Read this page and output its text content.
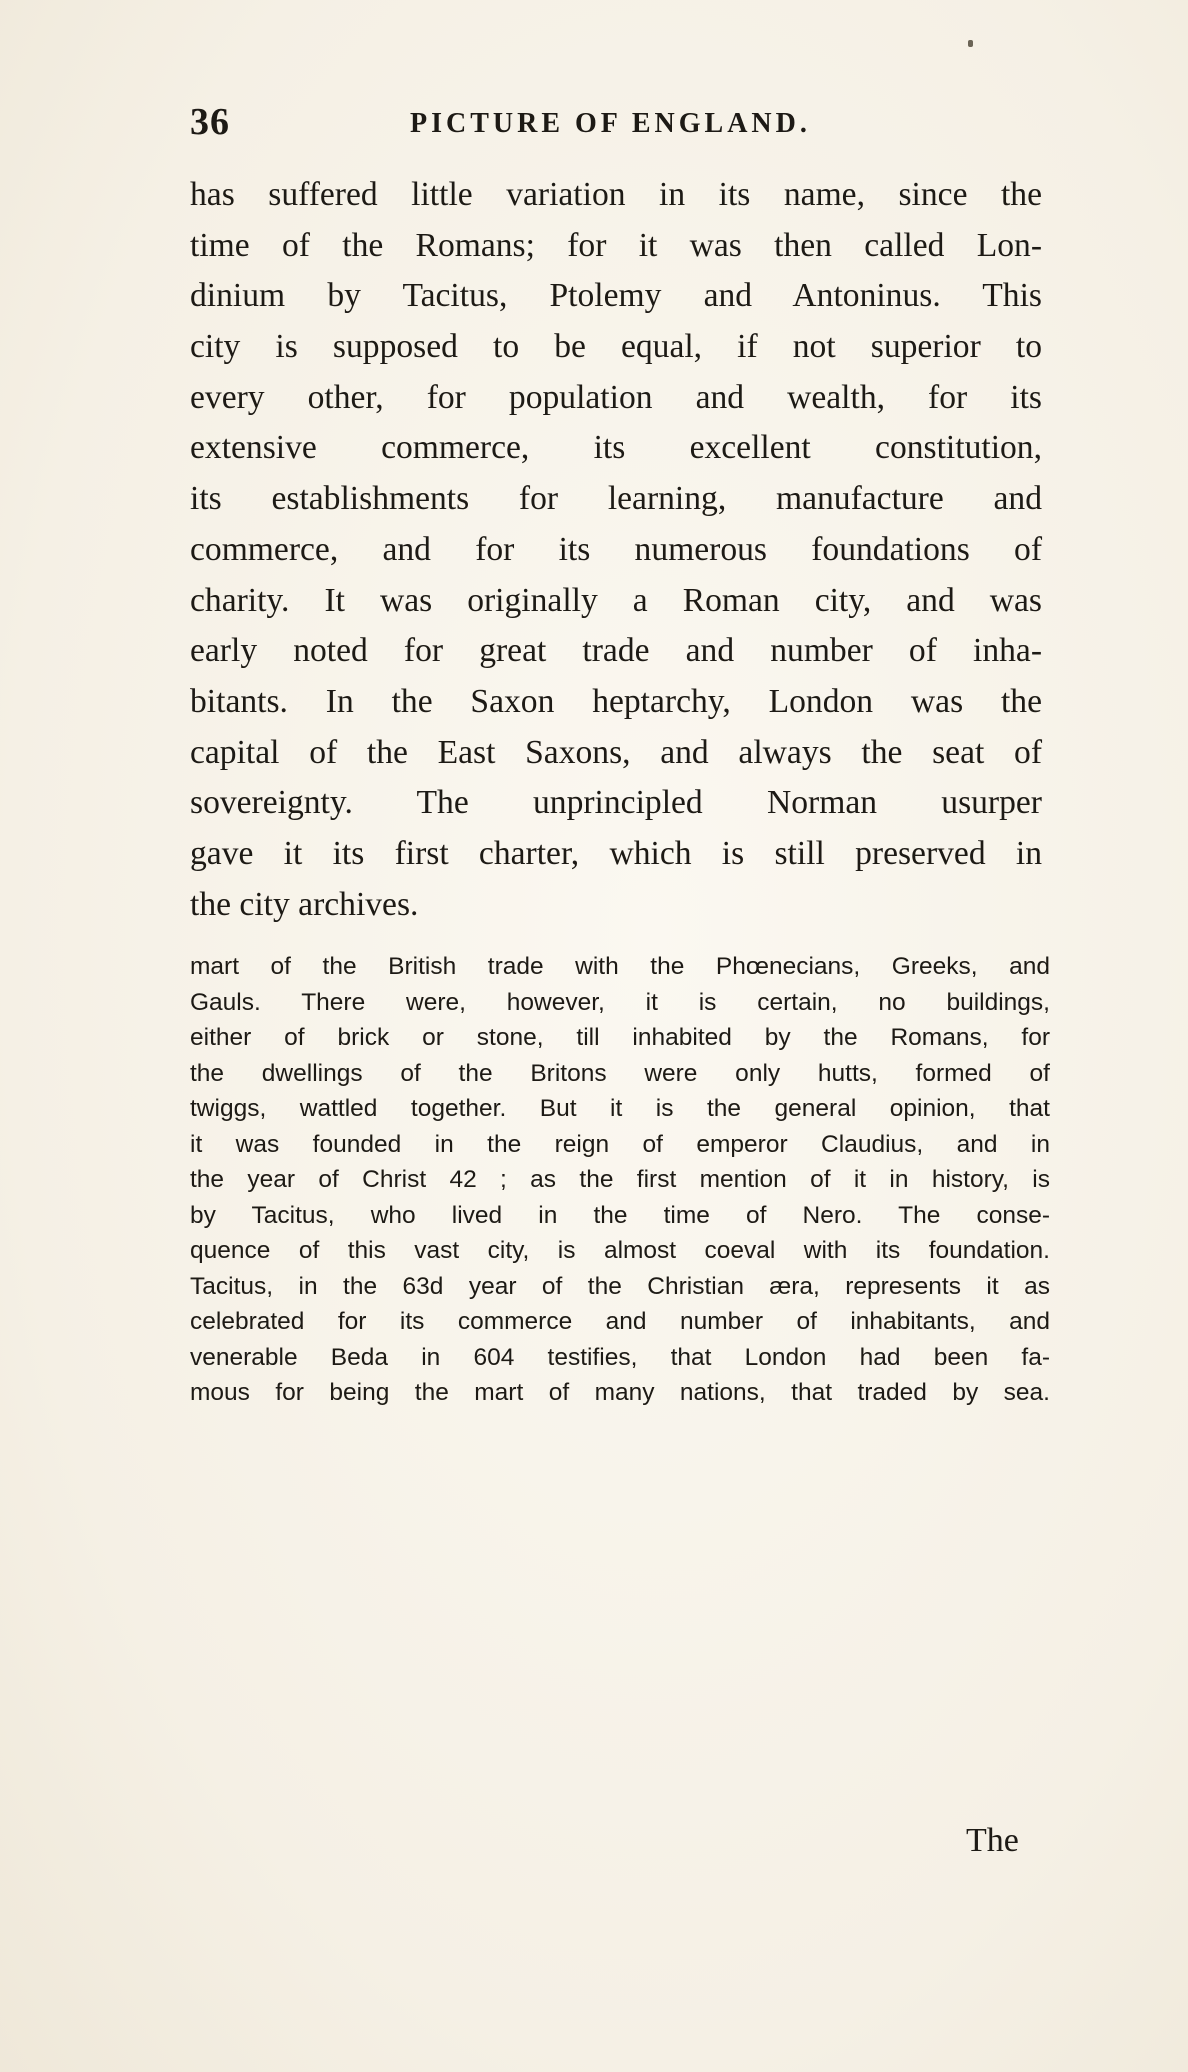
36	PICTURE OF ENGLAND.
has suffered little variation in its name, since the
time of the Romans; for it was then called Lon-
dinium by Tacitus, Ptolemy and Antoninus. This
city is supposed to be equal, if not superior to
every other, for population and wealth, for its
extensive commerce, its excellent constitution,
its establishments for learning, manufacture and
commerce, and for its numerous foundations of
charity. It was originally a Roman city, and was
early noted for great trade and number of inha-
bitants. In the Saxon heptarchy, London was the
capital of the East Saxons, and always the seat of
sovereignty. The unprincipled Norman usurper
gave it its first charter, which is still preserved in
the city archives.
mart of the British trade with the Phœnecians, Greeks, and
Gauls. There were, however, it is certain, no buildings,
either of brick or stone, till inhabited by the Romans, for
the dwellings of the Britons were only hutts, formed of
twiggs, wattled together. But it is the general opinion, that
it was founded in the reign of emperor Claudius, and in
the year of Christ 42 ; as the first mention of it in history, is
by Tacitus, who lived in the time of Nero. The conse-
quence of this vast city, is almost coeval with its foundation.
Tacitus, in the 63d year of the Christian æra, represents it as
celebrated for its commerce and number of inhabitants, and
venerable Beda in 604 testifies, that London had been fa-
mous for being the mart of many nations, that traded by sea.
The
